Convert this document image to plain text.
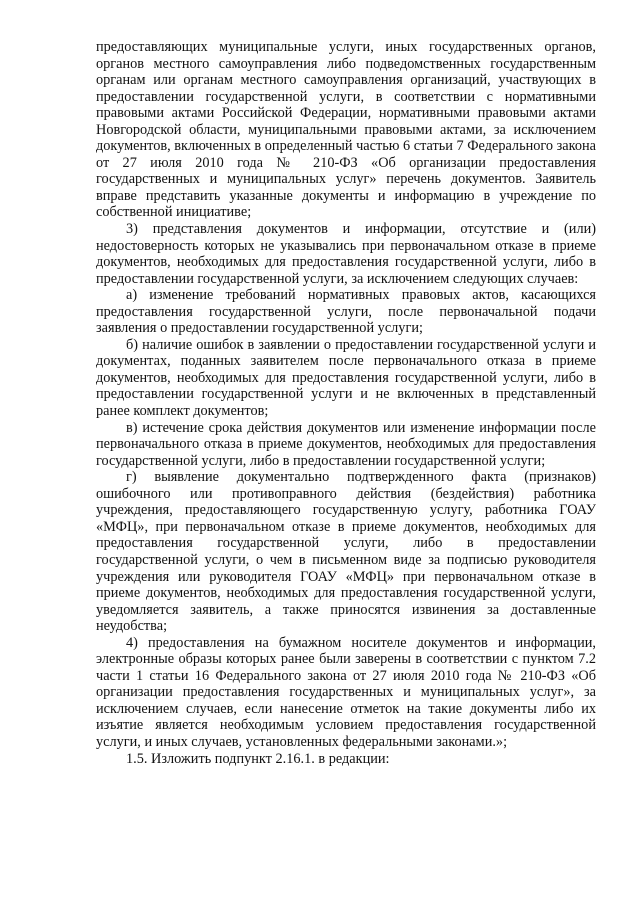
предоставляющих муниципальные услуги, иных государственных органов, органов местного самоуправления либо подведомственных государственным органам или органам местного самоуправления организаций, участвующих в предоставлении государственной услуги, в соответствии с нормативными правовыми актами Российской Федерации, нормативными правовыми актами Новгородской области, муниципальными правовыми актами, за исключением документов, включенных в определенный частью 6 статьи 7 Федерального закона от 27 июля 2010 года № 210-ФЗ «Об организации предоставления государственных и муниципальных услуг» перечень документов. Заявитель вправе представить указанные документы и информацию в учреждение по собственной инициативе;

3) представления документов и информации, отсутствие и (или) недостоверность которых не указывались при первоначальном отказе в приеме документов, необходимых для предоставления государственной услуги, либо в предоставлении государственной услуги, за исключением следующих случаев:

а) изменение требований нормативных правовых актов, касающихся предоставления государственной услуги, после первоначальной подачи заявления о предоставлении государственной услуги;

б) наличие ошибок в заявлении о предоставлении государственной услуги и документах, поданных заявителем после первоначального отказа в приеме документов, необходимых для предоставления государственной услуги, либо в предоставлении государственной услуги и не включенных в представленный ранее комплект документов;

в) истечение срока действия документов или изменение информации после первоначального отказа в приеме документов, необходимых для предоставления государственной услуги, либо в предоставлении государственной услуги;

г) выявление документально подтвержденного факта (признаков) ошибочного или противоправного действия (бездействия) работника учреждения, предоставляющего государственную услугу, работника ГОАУ «МФЦ», при первоначальном отказе в приеме документов, необходимых для предоставления государственной услуги, либо в предоставлении государственной услуги, о чем в письменном виде за подписью руководителя учреждения или руководителя ГОАУ «МФЦ» при первоначальном отказе в приеме документов, необходимых для предоставления государственной услуги, уведомляется заявитель, а также приносятся извинения за доставленные неудобства;

4) предоставления на бумажном носителе документов и информации, электронные образы которых ранее были заверены в соответствии с пунктом 7.2 части 1 статьи 16 Федерального закона от 27 июля 2010 года № 210-ФЗ «Об организации предоставления государственных и муниципальных услуг», за исключением случаев, если нанесение отметок на такие документы либо их изъятие является необходимым условием предоставления государственной услуги, и иных случаев, установленных федеральными законами.»;

1.5. Изложить подпункт 2.16.1. в редакции:
